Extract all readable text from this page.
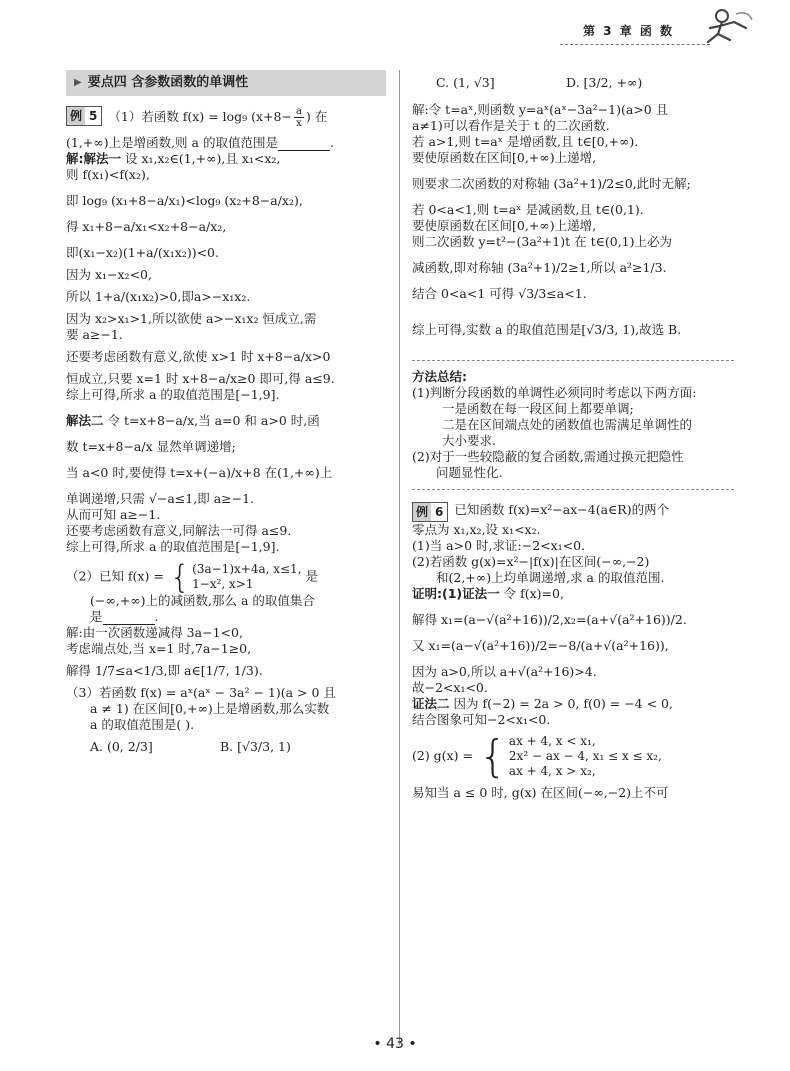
第 3 章 函 数
▶ 要点四 含参数函数的单调性
例 5 （1）若函数 f(x) = log₉ ($x+8- \frac{a}{x}$ ) 在
(1,+∞)上是增函数,则 a 的取值范围是	.
解:解法一 设 x₁,x₂∈(1,+∞),且 x₁<x₂,
则 f(x₁)<f(x₂),
即 log₉ (x₁+8−a/x₁)<log₉ (x₂+8−a/x₂),
得 x₁+8−a/x₁<x₂+8−a/x₂,
即(x₁−x₂)(1+a/(x₁x₂))<0.
因为 x₁−x₂<0,
所以 1+a/(x₁x₂)>0,即a>−x₁x₂.
因为 x₂>x₁>1,所以欲使 a>−x₁x₂ 恒成立,需
要 a≥−1.
还要考虑函数有意义,欲使 x>1 时 x+8−a/x>0
恒成立,只要 x=1 时 x+8−a/x≥0 即可,得 a≤9.
综上可得,所求 a 的取值范围是[−1,9].
解法二 令 t=x+8−a/x,当 a=0 和 a>0 时,函
数 t=x+8−a/x 显然单调递增;
当 a<0 时,要使得 t=x+(−a)/x+8 在(1,+∞)上
单调递增,只需 √−a≤1,即 a≥−1.
从而可知 a≥−1.
还要考虑函数有意义,同解法一可得 a≤9.
综上可得,所求 a 的取值范围是[−1,9].
（2）已知 f(x) = { (3a−1)x+4a, x≤1,
1−x², x>1
是
(−∞,+∞)上的减函数,那么 a 的取值集合
是	.
解:由一次函数递减得 3a−1<0,
考虑端点处,当 x=1 时,7a−1≥0,
解得 1/7≤a<1/3,即 a∈[1/7, 1/3).
（3）若函数 f(x) = aˣ(aˣ − 3a² − 1)(a > 0 且
a ≠ 1) 在区间[0,+∞)上是增函数,那么实数
a 的取值范围是( ).
A. (0, 2/3]	B. [√3/3, 1)
C. (1, √3]	D. [3/2, +∞)
解:令 t=aˣ,则函数 y=aˣ(aˣ−3a²−1)(a>0 且
a≠1)可以看作是关于 t 的二次函数.
若 a>1,则 t=aˣ 是增函数,且 t∈[0,+∞).
要使原函数在区间[0,+∞)上递增,
则要求二次函数的对称轴 (3a²+1)/2≤0,此时无解;
若 0<a<1,则 t=aˣ 是减函数,且 t∈(0,1).
要使原函数在区间[0,+∞)上递增,
则二次函数 y=t²−(3a²+1)t 在 t∈(0,1)上必为
减函数,即对称轴 (3a²+1)/2≥1,所以 a²≥1/3.
结合 0<a<1 可得 √3/3≤a<1.
综上可得,实数 a 的取值范围是[√3/3, 1),故选 B.
方法总结:
(1)判断分段函数的单调性必须同时考虑以下两方面:
一是函数在每一段区间上都要单调;
二是在区间端点处的函数值也需满足单调性的
大小要求.
(2)对于一些较隐蔽的复合函数,需通过换元把隐性
问题显性化.
例 6 已知函数 f(x)=x²−ax−4(a∈R)的两个
零点为 x₁,x₂,设 x₁<x₂.
(1)当 a>0 时,求证:−2<x₁<0.
(2)若函数 g(x)=x²−|f(x)|在区间(−∞,−2)
和(2,+∞)上均单调递增,求 a 的取值范围.
证明:(1)证法一 令 f(x)=0,
解得 x₁=(a−√(a²+16))/2,x₂=(a+√(a²+16))/2.
又 x₁=(a−√(a²+16))/2=−8/(a+√(a²+16)),
因为 a>0,所以 a+√(a²+16)>4.
故−2<x₁<0.
证法二 因为 f(−2) = 2a > 0, f(0) = −4 < 0,
结合图象可知−2<x₁<0.
(2) g(x) = { ax + 4, x < x₁,
2x² − ax − 4, x₁ ≤ x ≤ x₂,
ax + 4, x > x₂,
易知当 a ≤ 0 时, g(x) 在区间(−∞,−2)上不可
• 43 •
